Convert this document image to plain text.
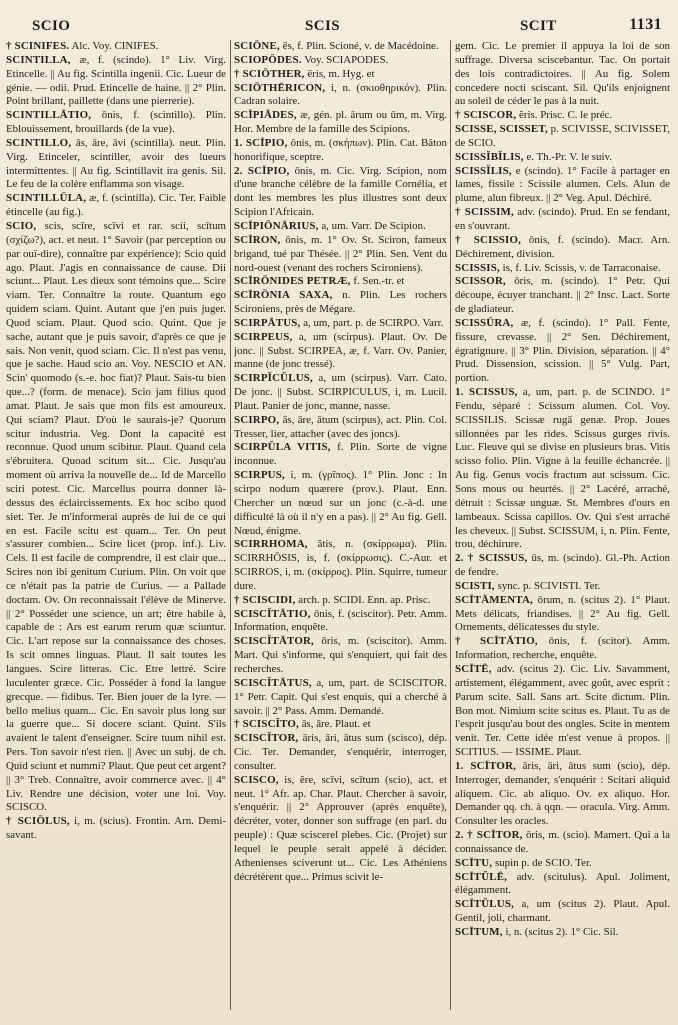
SCIO	SCIS	SCIT	1131

† SCINIFES. Alc. Voy. CINIFES.

SCINTILLA, æ, f. (scindo). 1° Liv. Virg. Etincelle. || Au fig. Scintilla ingenii. Cic. Lueur de génie. — odii. Prud. Etincelle de haine. || 2° Plin. Point brillant, paillette (dans une pierrerie).

SCINTILLĀTIO, ōnis, f. (scintillo). Plin. Eblouissement, brouillards (de la vue).

SCINTILLO, ās, āre, āvi (scintilla). neut. Plin. Virg. Etinceler, scintiller, avoir des lueurs intermittentes. || Au fig. Scintillavit ira genis. Sil. Le feu de la colère enflamma son visage.

SCINTILLŪLA, æ, f. (scintilla). Cic. Ter. Faible étincelle (au fig.).

SCIO, scis, scīre, scīvi et rar. scii, scītum (σχίζω?), act. et neut. 1° Savoir (par perception ou par ouï-dire), connaître par expérience): Scio quid ago. Plaut. J'agis en connaissance de cause. Dii sciunt... Plaut. Les dieux sont témoins que... Scire viam. Ter. Connaître la route. Quantum ego quidem sciam. Quint. Autant que j'en puis juger. Quod sciam. Plaut. Quod scio. Quint. Que je sache, autant que je puis savoir, d'après ce que je sais. Non venit, quod sciam. Cic. Il n'est pas venu, que je sache. Haud scio an. Voy. NESCIO et AN. Scin' quomodo (s.-e. hoc fiat)? Plaut. Sais-tu bien que...? (form. de menace). Scio jam filius quod amat. Plaut. Je sais que mon fils est amoureux. Qui sciam? Plaut. D'où le saurais-je? Quorum scitur industria. Veg. Dont la capacité est reconnue. Quod unum scibitur. Plaut. Quand cela s'ébruitera. Quoad scitum sit... Cic. Jusqu'au moment où arriva la nouvelle de... Id de Marcello sciri potest. Cic. Marcellus pourra donner là-dessus des éclaircissements. Ex hoc scibo quod siet. Ter. Je m'informerai auprès de lui de ce qui en est. Facile scitu est quam... Ter. On peut s'assurer combien... Scire licet (prop. inf.). Liv. Cels. Il est facile de comprendre, il est clair que... Scires non ibi genitum Curium. Plin. On voit que ce n'était pas la patrie de Curius. — a Pallade doctam. Ov. On reconnaissait l'élève de Minerve. || 2° Posséder une science, un art; être habile à, capable de : Ars est earum rerum quæ sciuntur. Cic. L'art repose sur la connaissance des choses. Is scit omnes linguas. Plaut. Il sait toutes les langues. Scire litteras. Cic. Etre lettré. Scire luculenter græce. Cic. Posséder à fond la langue grecque. — fidibus. Ter. Bien jouer de la lyre. — bello melius quam... Cic. En savoir plus long sur la guerre que... Si docere sciant. Quint. S'ils avaient le talent d'enseigner. Scire tuum nihil est. Pers. Ton savoir n'est rien. || Avec un subj. de ch. Quid sciunt et nummi? Plaut. Que peut cet argent? || 3° Treb. Connaître, avoir commerce avec. || 4° Liv. Rendre une décision, voter une loi. Voy. SCISCO.

† SCIŌLUS, i, m. (scius). Frontin. Arn. Demi-savant.

SCIŌNE, ēs, f. Plin. Scioné, v. de Macédoine.

SCIOPŌDES. Voy. SCIAPODES.

† SCIŌTHER, ēris, m. Hyg. et

SCIŌTHĒRICON, i, n. (σκιοθηρικόν). Plin. Cadran solaire.

SCĪPIĀDES, æ, gén. pl. ārum ou ūm, m. Virg. Hor. Membre de la famille des Scipions.

1. SCĪPIO, ōnis, m. (σκήπων). Plin. Cat. Bâton honorifique, sceptre.

2. SCĪPIO, ōnis, m. Cic. Virg. Scipion, nom d'une branche célèbre de la famille Cornélia, et dont les membres les plus illustres sont deux Scipion l'Africain.

SCĪPIŌNĀRIUS, a, um. Varr. De Scipion.

SCĪRON, ōnis, m. 1° Ov. St. Sciron, fameux brigand, tué par Thésée. || 2° Plin. Sen. Vent du nord-ouest (venant des rochers Scironiens).

SCĪRŌNIDES PETRÆ, f. Sen.-tr. et

SCĪRŌNIA SAXA, n. Plin. Les rochers Scironiens, près de Mégare.

SCIRPĀTUS, a, um, part. p. de SCIRPO. Varr.

SCIRPEUS, a, um (scirpus). Plaut. Ov. De jonc. || Subst. SCIRPEA, æ, f. Varr. Ov. Panier, manne (de jonc tressé).

SCIRPĬCŬLUS, a, um (scirpus). Varr. Cato. De jonc. || Subst. SCIRPICULUS, i, m. Lucil. Plaut. Panier de jonc, manne, nasse.

SCIRPO, ās, āre, ātum (scirpus), act. Plin. Col. Tresser, lier, attacher (avec des joncs).

SCIRPŬLA VITIS, f. Plin. Sorte de vigne inconnue.

SCIRPUS, i, m. (γρῖπος). 1° Plin. Jonc : In scirpo nodum quærere (prov.). Plaut. Enn. Chercher un nœud sur un jonc (c.-à-d. une difficulté là où il n'y en a pas). || 2° Au fig. Gell. Nœud, énigme.

SCIRRHOMA, ătis, n. (σκίρρωμα). Plin. SCIRRHŌSIS, is, f. (σκίρρωσις). C.-Aur. et SCIRROS, i, m. (σκίρρος). Plin. Squirre, tumeur dure.

† SCISCIDI, arch. p. SCIDI. Enn. ap. Prisc.

SCISCĬTĀTIO, ōnis, f. (sciscitor). Petr. Amm. Information, enquête.

SCISCĬTĀTOR, ōris, m. (sciscitor). Amm. Mart. Qui s'informe, qui s'enquiert, qui fait des recherches.

SCISCĬTĀTUS, a, um, part. de SCISCITOR. 1° Petr. Capit. Qui s'est enquis, qui a cherché à savoir. || 2° Pass. Amm. Demandé.

† SCISCĬTO, ās, āre. Plaut. et

SCISCĬTOR, āris, āri, ātus sum (scisco), dép. Cic. Ter. Demander, s'enquérir, interroger, consulter.

SCISCO, is, ĕre, scīvi, scītum (scio), act. et neut. 1° Afr. ap. Char. Plaut. Chercher à savoir, s'enquérir. || 2° Approuver (après enquête), décréter, voter, donner son suffrage (en parl. du peuple) : Quæ sciscerel plebes. Cic. (Projet) sur lequel le peuple serait appelé à décider. Athenienses sciverunt ut... Cic. Les Athéniens décrétèrent que... Primus scivit le-

gem. Cic. Le premier il appuya la loi de son suffrage. Diversa sciscebantur. Tac. On portait des lois contradictoires. || Au fig. Solem concedere nocti sciscant. Sil. Qu'ils enjoignent au soleil de céder le pas à la nuit.

† SCISCOR, ĕris. Prisc. C. le préc.

SCISSE, SCISSET, p. SCIVISSE, SCIVISSET, de SCIO.

SCISSĬBĬLIS, e. Th.-Pr. V. le suiv.

SCISSĬLIS, e (scindo). 1° Facile à partager en lames, fissile : Scissile alumen. Cels. Alun de plume, alun fibreux. || 2° Veg. Apul. Déchiré.

† SCISSIM, adv. (scindo). Prud. En se fendant, en s'ouvrant.

† SCISSIO, ōnis, f. (scindo). Macr. Arn. Déchirement, division.

SCISSIS, is, f. Liv. Scissis, v. de Tarraconaise.

SCISSOR, ōris, m. (scindo). 1° Petr. Qui découpe, écuyer tranchant. || 2° Insc. Lact. Sorte de gladiateur.

SCISSŪRA, æ, f. (scindo). 1° Pall. Fente, fissure, crevasse. || 2° Sen. Déchirement, égratignure. || 3° Plin. Division, séparation. || 4° Prud. Dissension, scission. || 5° Vulg. Part, portion.

1. SCISSUS, a, um, part. p. de SCINDO. 1° Fendu, séparé : Scissum alumen. Col. Voy. SCISSILIS. Scissæ rugā genæ. Prop. Joues sillonnées par les rides. Scissus gurges rivis. Luc. Fleuve qui se divise en plusieurs bras. Vitis scisso folio. Plin. Vigne à la feuille échancrée. || Au fig. Genus vocis fractum aut scissum. Cic. Sons mous ou heurtés. || 2° Lacéré, arraché, détruit : Scissæ unguæ. St. Membres d'ours en lambeaux. Scissa capillos. Ov. Qui s'est arraché les cheveux. || Subst. SCISSUM, i, n. Plin. Fente, trou, déchirure.

2. † SCISSUS, ūs, m. (scindo). Gl.-Ph. Action de fendre.

SCISTI, sync. p. SCIVISTI. Ter.

SCĪTĀMENTA, ōrum, n. (scitus 2). 1° Plaut. Mets délicats, friandises. || 2° Au fig. Gell. Ornements, délicatesses du style.

† SCĪTĀTIO, ōnis, f. (scitor). Amm. Information, recherche, enquête.

SCĪTĒ, adv. (scitus 2). Cic. Liv. Savamment, artistement, élégamment, avec goût, avec esprit : Parum scite. Sall. Sans art. Scite dictum. Plin. Bon mot. Nimium scite scitus es. Plaut. Tu as de l'esprit jusqu'au bout des ongles. Scite in mentem venit. Ter. Cette idée m'est venue à propos. || SCITIUS. — ISSIME. Plaut.

1. SCĪTOR, āris, āri, ātus sum (scio), dép. Interroger, demander, s'enquérir : Scitari aliquid aliquem. Cic. ab aliquo. Ov. ex aliquo. Hor. Demander qq. ch. à qqn. — oracula. Virg. Amm. Consulter les oracles.

2. † SCĪTOR, ōris, m. (scio). Mamert. Qui a la connaissance de.

SCĪTU, supin p. de SCIO. Ter.

SCĪTŬLĒ, adv. (scitulus). Apul. Joliment, élégamment.

SCĪTŬLUS, a, um (scitus 2). Plaut. Apul. Gentil, joli, charmant.

SCĪTUM, i, n. (scitus 2). 1° Cic. Sil.
